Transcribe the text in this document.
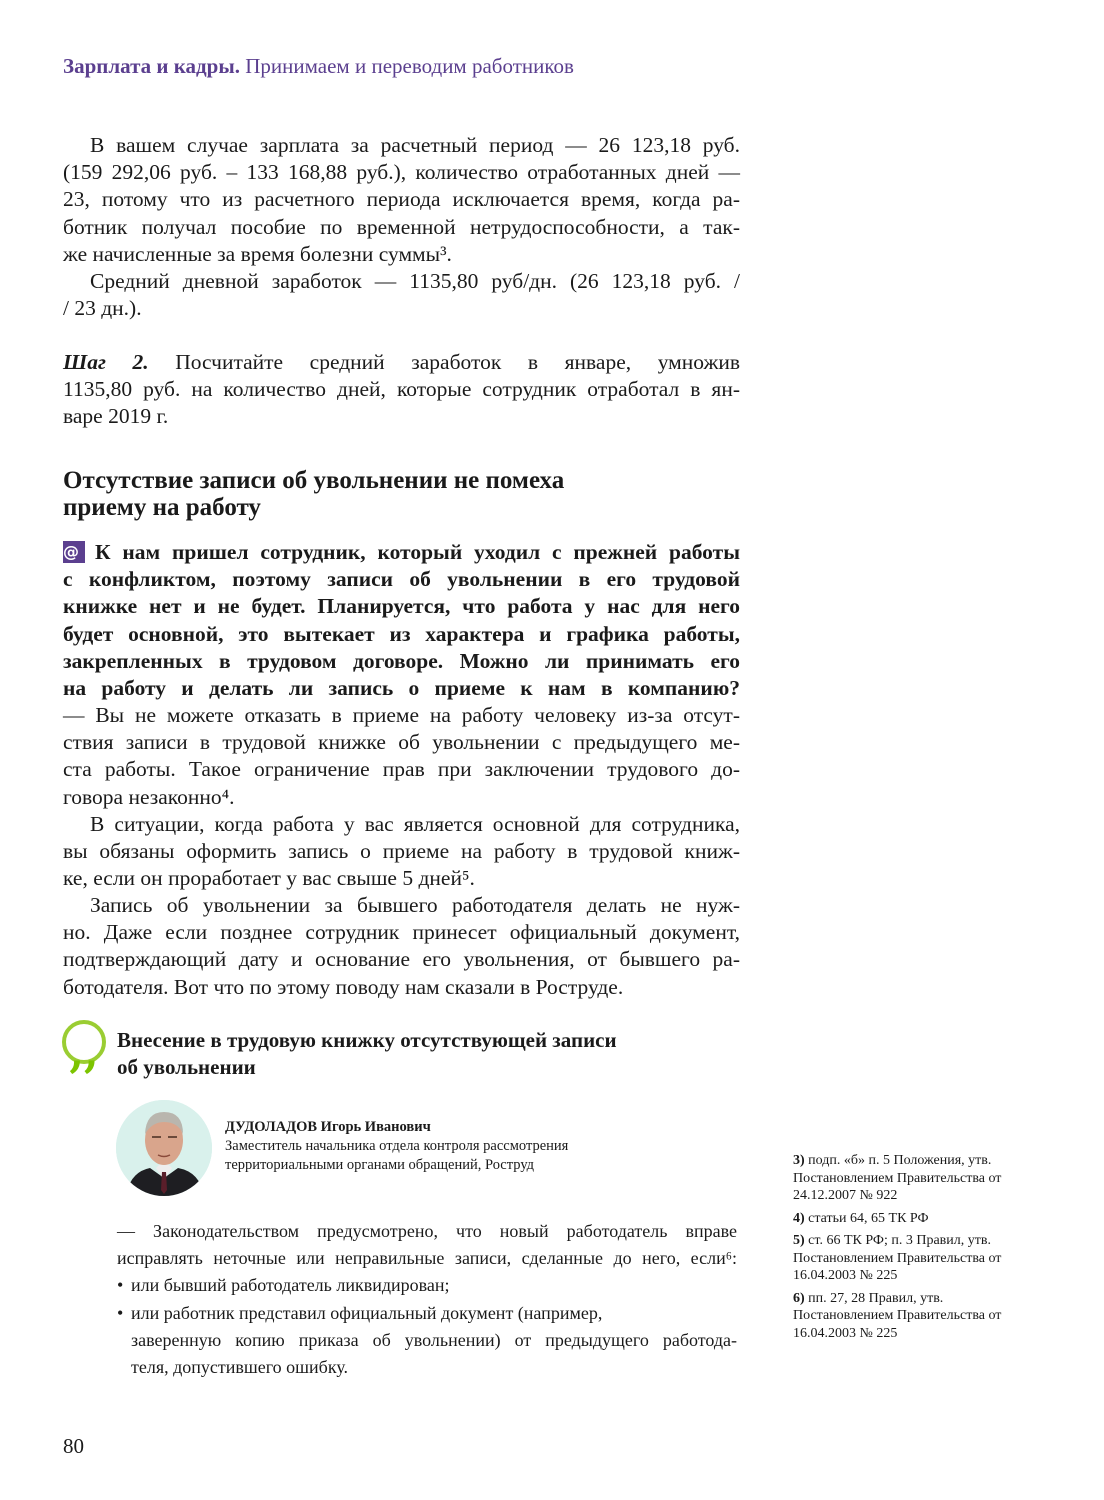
Зарплата и кадры. Принимаем и переводим работников
В вашем случае зарплата за расчетный период — 26 123,18 руб.
(159 292,06 руб. – 133 168,88 руб.), количество отработанных дней —
23, потому что из расчетного периода исключается время, когда ра-
ботник получал пособие по временной нетрудоспособности, а так-
же начисленные за время болезни суммы³.
Средний дневной заработок — 1135,80 руб/дн. (26 123,18 руб. /
/ 23 дн.).
Шаг 2. Посчитайте средний заработок в январе, умножив
1135,80 руб. на количество дней, которые сотрудник отработал в ян-
варе 2019 г.
Отсутствие записи об увольнении не помеха
приему на работу
@ К нам пришел сотрудник, который уходил с прежней работы
с конфликтом, поэтому записи об увольнении в его трудовой
книжке нет и не будет. Планируется, что работа у нас для него
будет основной, это вытекает из характера и графика работы,
закрепленных в трудовом договоре. Можно ли принимать его
на работу и делать ли запись о приеме к нам в компанию?
— Вы не можете отказать в приеме на работу человеку из-за отсут-
ствия записи в трудовой книжке об увольнении с предыдущего ме-
ста работы. Такое ограничение прав при заключении трудового до-
говора незаконно⁴.
В ситуации, когда работа у вас является основной для сотрудника,
вы обязаны оформить запись о приеме на работу в трудовой книж-
ке, если он проработает у вас свыше 5 дней⁵.
Запись об увольнении за бывшего работодателя делать не нуж-
но. Даже если позднее сотрудник принесет официальный документ,
подтверждающий дату и основание его увольнения, от бывшего ра-
ботодателя. Вот что по этому поводу нам сказали в Роструде.
,, Внесение в трудовую книжку отсутствующей записи
об увольнении
ДУДОЛАДОВ Игорь Иванович
Заместитель начальника отдела контроля рассмотрения
территориальными органами обращений, Роструд
— Законодательством предусмотрено, что новый работодатель вправе
исправлять неточные или неправильные записи, сделанные до него, если⁶:
• или бывший работодатель ликвидирован;
• или работник представил официальный документ (например,
заверенную копию приказа об увольнении) от предыдущего работода-
теля, допустившего ошибку.
3) подп. «б» п. 5 Положения, утв. Постановлением Правительства от 24.12.2007 № 922
4) статьи 64, 65 ТК РФ
5) ст. 66 ТК РФ; п. 3 Правил, утв. Постановлением Правительства от 16.04.2003 № 225
6) пп. 27, 28 Правил, утв. Постановлением Правительства от 16.04.2003 № 225
80
